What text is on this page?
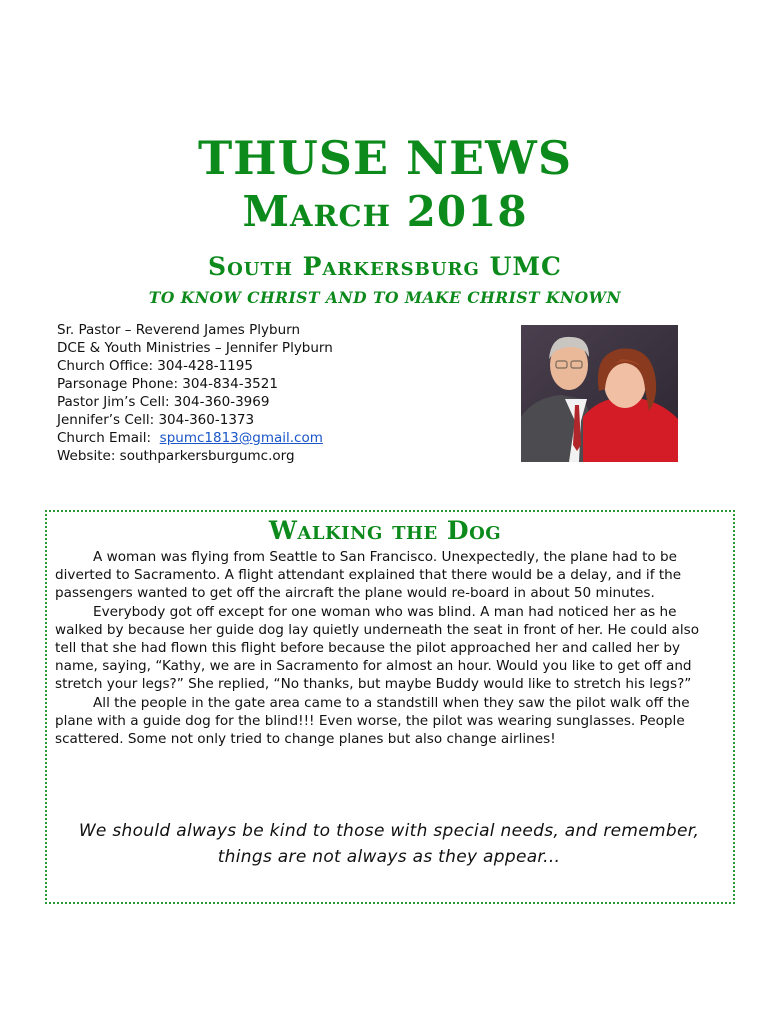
THUSE NEWS
March 2018
South Parkersburg UMC
TO KNOW CHRIST AND TO MAKE CHRIST KNOWN
Sr. Pastor – Reverend James Plyburn
DCE & Youth Ministries – Jennifer Plyburn
Church Office: 304-428-1195
Parsonage Phone: 304-834-3521
Pastor Jim’s Cell: 304-360-3969
Jennifer’s Cell: 304-360-1373
Church Email:  spumc1813@gmail.com
Website: southparkersburgumc.org
Walking the Dog

A woman was flying from Seattle to San Francisco. Unexpectedly, the plane had to be diverted to Sacramento. A flight attendant explained that there would be a delay, and if the passengers wanted to get off the aircraft the plane would re-board in about 50 minutes.

Everybody got off except for one woman who was blind. A man had noticed her as he walked by because her guide dog lay quietly underneath the seat in front of her. He could also tell that she had flown this flight before because the pilot approached her and called her by name, saying, “Kathy, we are in Sacramento for almost an hour. Would you like to get off and stretch your legs?” She replied, “No thanks, but maybe Buddy would like to stretch his legs?”

All the people in the gate area came to a standstill when they saw the pilot walk off the plane with a guide dog for the blind!!! Even worse, the pilot was wearing sunglasses. People scattered. Some not only tried to change planes but also change airlines!

We should always be kind to those with special needs, and remember, things are not always as they appear...
